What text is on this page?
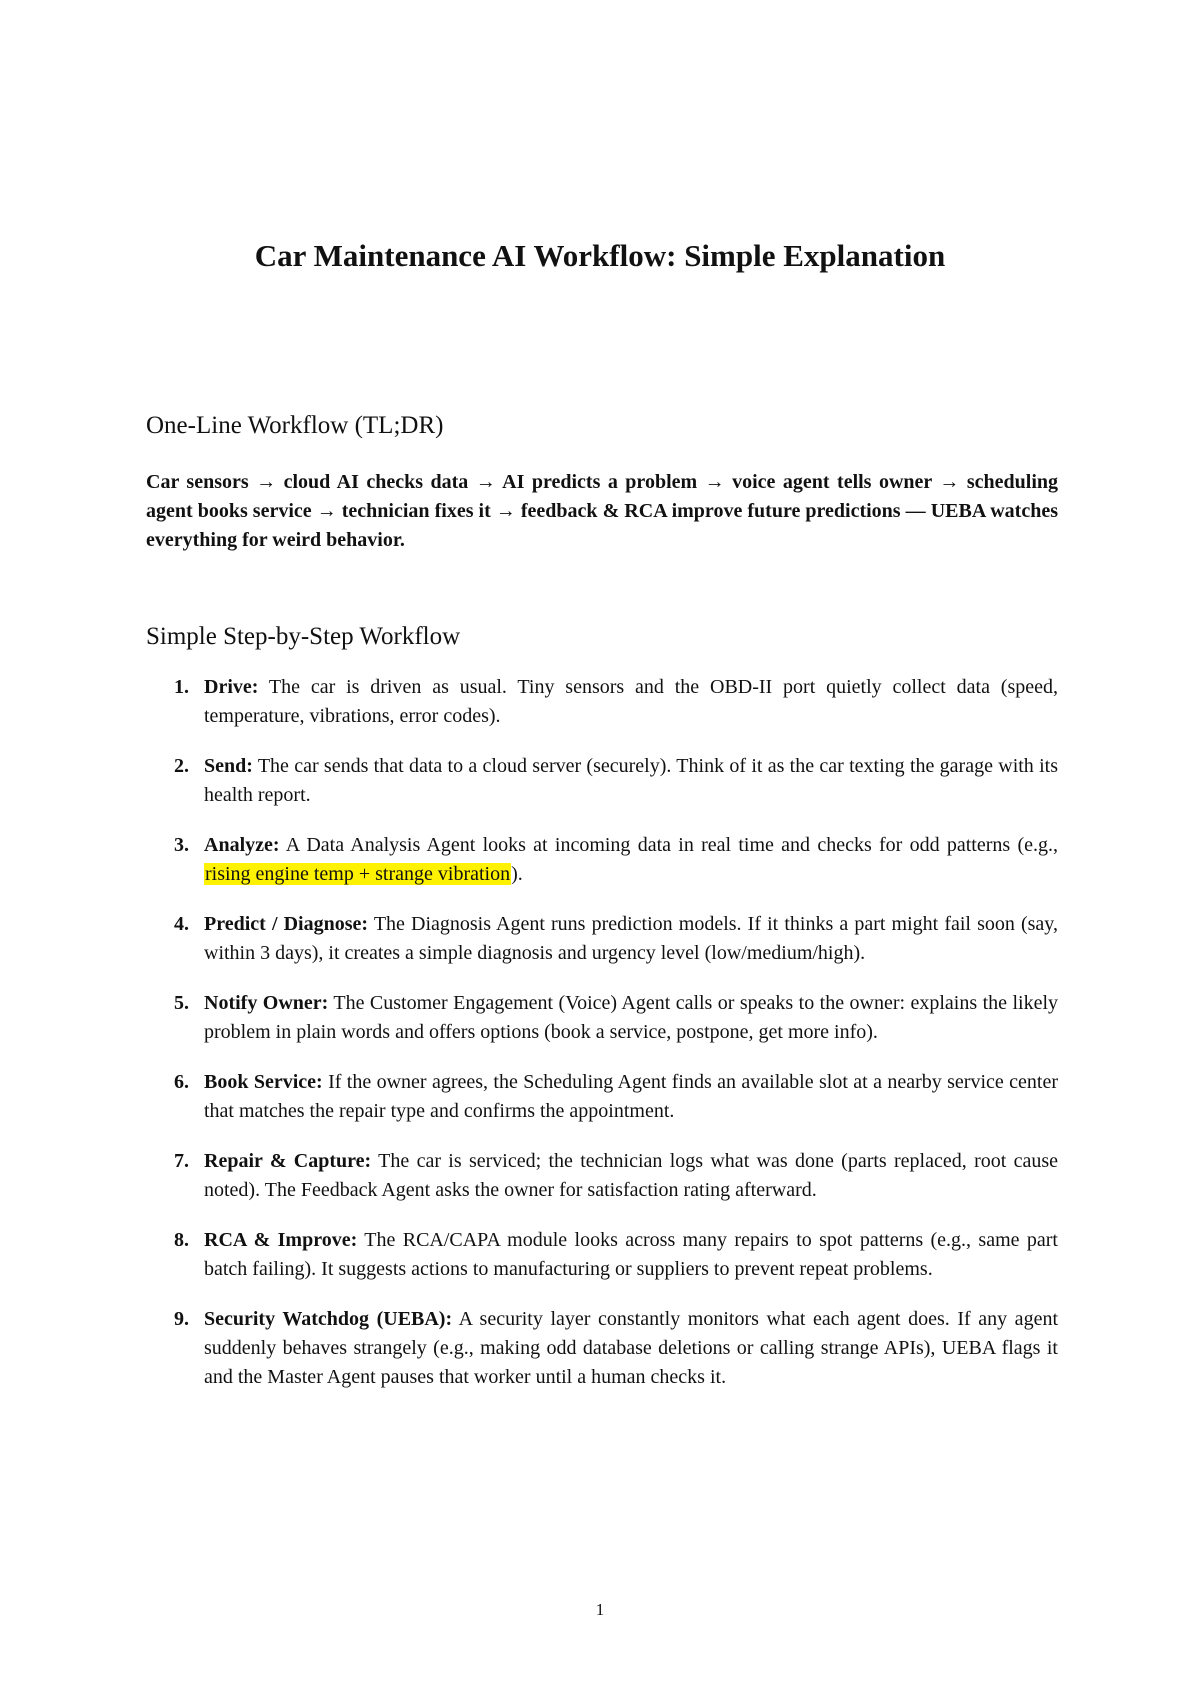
Car Maintenance AI Workflow: Simple Explanation
One-Line Workflow (TL;DR)

Car sensors → cloud AI checks data → AI predicts a problem → voice agent tells owner → scheduling agent books service → technician fixes it → feedback & RCA improve future predictions — UEBA watches everything for weird behavior.

Simple Step-by-Step Workflow
1. Drive: The car is driven as usual. Tiny sensors and the OBD-II port quietly collect data (speed, temperature, vibrations, error codes).
2. Send: The car sends that data to a cloud server (securely). Think of it as the car texting the garage with its health report.
3. Analyze: A Data Analysis Agent looks at incoming data in real time and checks for odd patterns (e.g., rising engine temp + strange vibration).
4. Predict / Diagnose: The Diagnosis Agent runs prediction models. If it thinks a part might fail soon (say, within 3 days), it creates a simple diagnosis and urgency level (low/medium/high).
5. Notify Owner: The Customer Engagement (Voice) Agent calls or speaks to the owner: explains the likely problem in plain words and offers options (book a service, postpone, get more info).
6. Book Service: If the owner agrees, the Scheduling Agent finds an available slot at a nearby service center that matches the repair type and confirms the appointment.
7. Repair & Capture: The car is serviced; the technician logs what was done (parts replaced, root cause noted). The Feedback Agent asks the owner for satisfaction rating afterward.
8. RCA & Improve: The RCA/CAPA module looks across many repairs to spot patterns (e.g., same part batch failing). It suggests actions to manufacturing or suppliers to prevent repeat problems.
9. Security Watchdog (UEBA): A security layer constantly monitors what each agent does. If any agent suddenly behaves strangely (e.g., making odd database deletions or calling strange APIs), UEBA flags it and the Master Agent pauses that worker until a human checks it.
1
